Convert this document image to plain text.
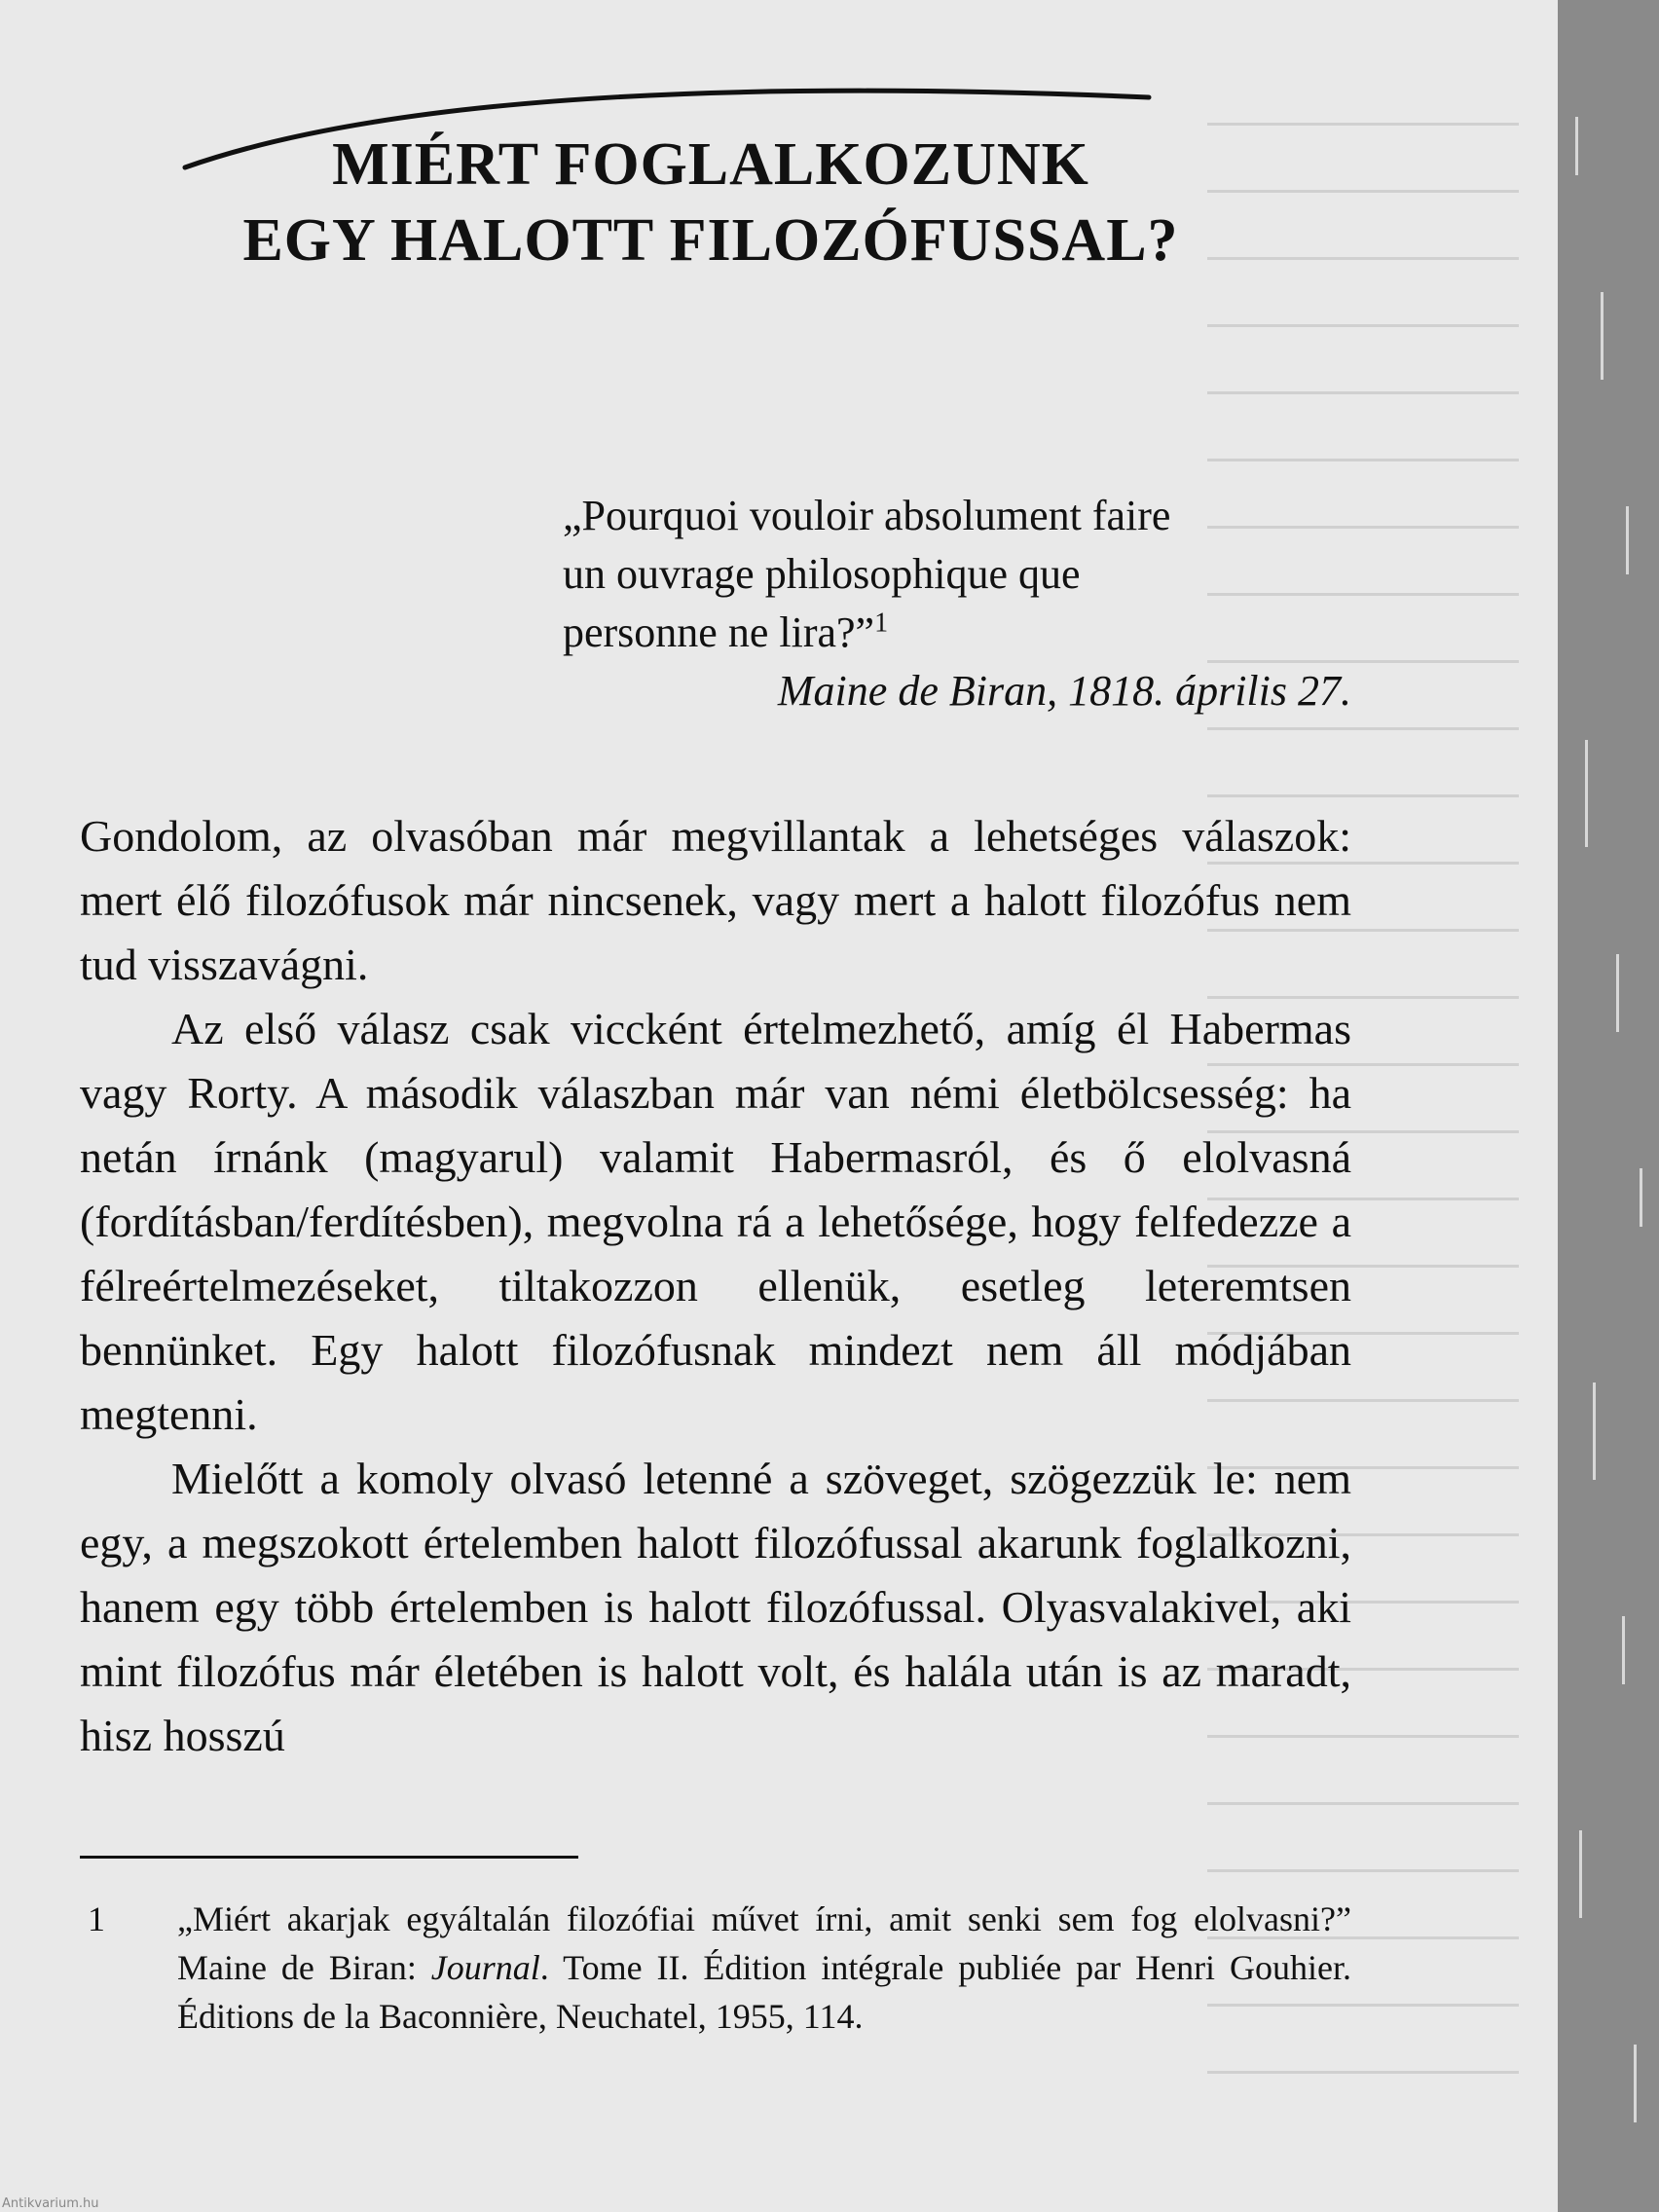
MIÉRT FOGLALKOZUNK
EGY HALOTT FILOZÓFUSSAL?
„Pourquoi vouloir absolument faire
un ouvrage philosophique que
personne ne lira?”$^1$
Maine de Biran, 1818. április 27.

Gondolom, az olvasóban már megvillantak a lehetséges válaszok: mert élő filozófusok már nincsenek, vagy mert a halott filozófus nem tud visszavágni.

Az első válasz csak viccként értelmezhető, amíg él Habermas vagy Rorty. A második válaszban már van némi életbölcsesség: ha netán írnánk (magyarul) valamit Habermasról, és ő elolvasná (fordításban/ferdítésben), megvolna rá a lehetősége, hogy felfedezze a félreértelmezéseket, tiltakozzon ellenük, esetleg leteremtsen bennünket. Egy halott filozófusnak mindezt nem áll módjában megtenni.

Mielőtt a komoly olvasó letenné a szöveget, szögezzük le: nem egy, a megszokott értelemben halott filozófussal akarunk foglalkozni, hanem egy több értelemben is halott filozófussal. Olyasvalakivel, aki mint filozófus már életében is halott volt, és halála után is az maradt, hisz hosszú

1 „Miért akarjak egyáltalán filozófiai művet írni, amit senki sem fog elolvasni?” Maine de Biran: Journal. Tome II. Édition intégrale publiée par Henri Gouhier. Éditions de la Baconnière, Neuchatel, 1955, 114.
Antikvarium.hu
